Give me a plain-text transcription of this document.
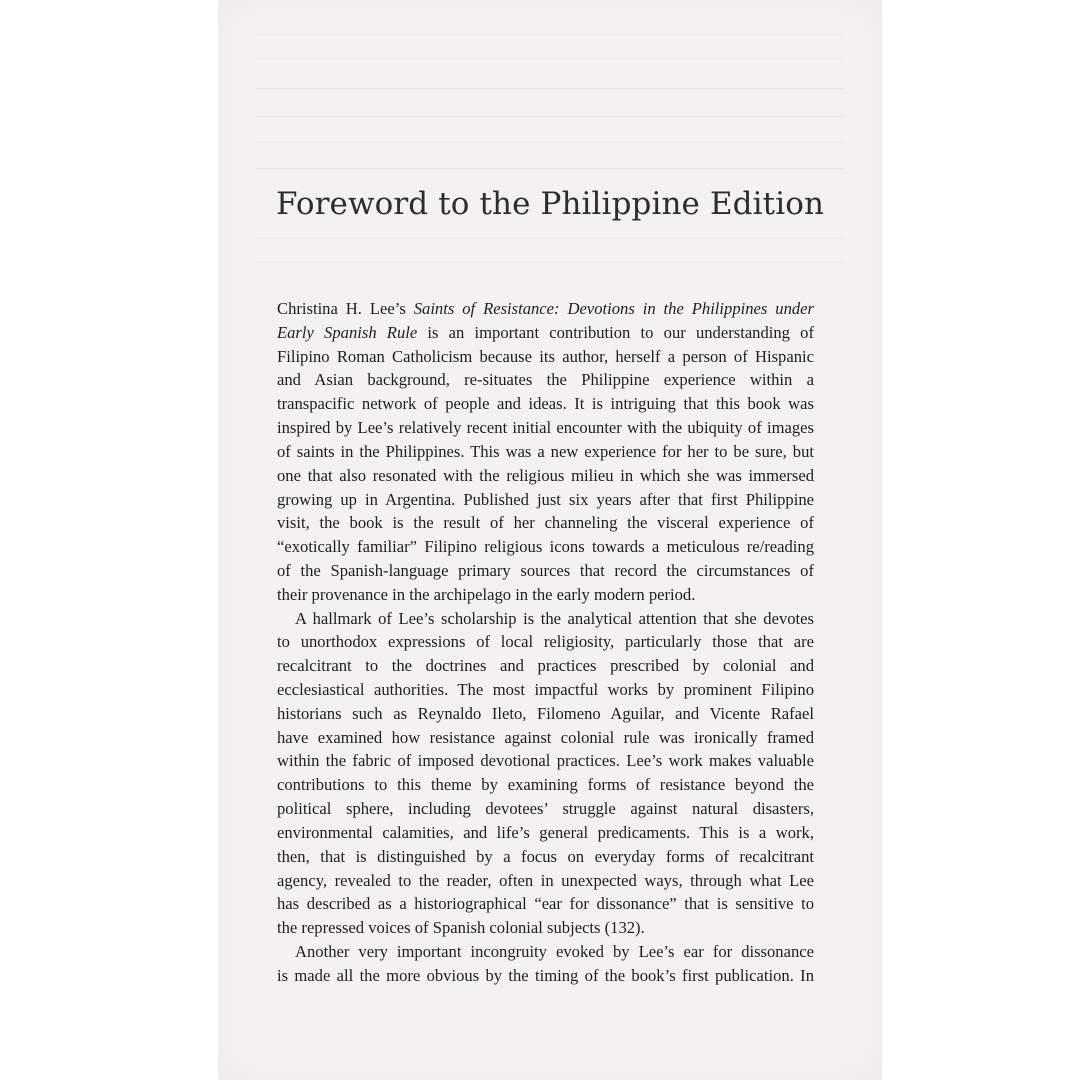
Foreword to the Philippine Edition
Christina H. Lee’s Saints of Resistance: Devotions in the Philippines under
Early Spanish Rule is an important contribution to our understanding of
Filipino Roman Catholicism because its author, herself a person of Hispanic
and Asian background, re-situates the Philippine experience within a
transpacific network of people and ideas. It is intriguing that this book was
inspired by Lee’s relatively recent initial encounter with the ubiquity of images
of saints in the Philippines. This was a new experience for her to be sure, but
one that also resonated with the religious milieu in which she was immersed
growing up in Argentina. Published just six years after that first Philippine
visit, the book is the result of her channeling the visceral experience of
“exotically familiar” Filipino religious icons towards a meticulous re/reading
of the Spanish-language primary sources that record the circumstances of
their provenance in the archipelago in the early modern period.
A hallmark of Lee’s scholarship is the analytical attention that she devotes
to unorthodox expressions of local religiosity, particularly those that are
recalcitrant to the doctrines and practices prescribed by colonial and
ecclesiastical authorities. The most impactful works by prominent Filipino
historians such as Reynaldo Ileto, Filomeno Aguilar, and Vicente Rafael
have examined how resistance against colonial rule was ironically framed
within the fabric of imposed devotional practices. Lee’s work makes valuable
contributions to this theme by examining forms of resistance beyond the
political sphere, including devotees’ struggle against natural disasters,
environmental calamities, and life’s general predicaments. This is a work,
then, that is distinguished by a focus on everyday forms of recalcitrant
agency, revealed to the reader, often in unexpected ways, through what Lee
has described as a historiographical “ear for dissonance” that is sensitive to
the repressed voices of Spanish colonial subjects (132).
Another very important incongruity evoked by Lee’s ear for dissonance
is made all the more obvious by the timing of the book’s first publication. In
